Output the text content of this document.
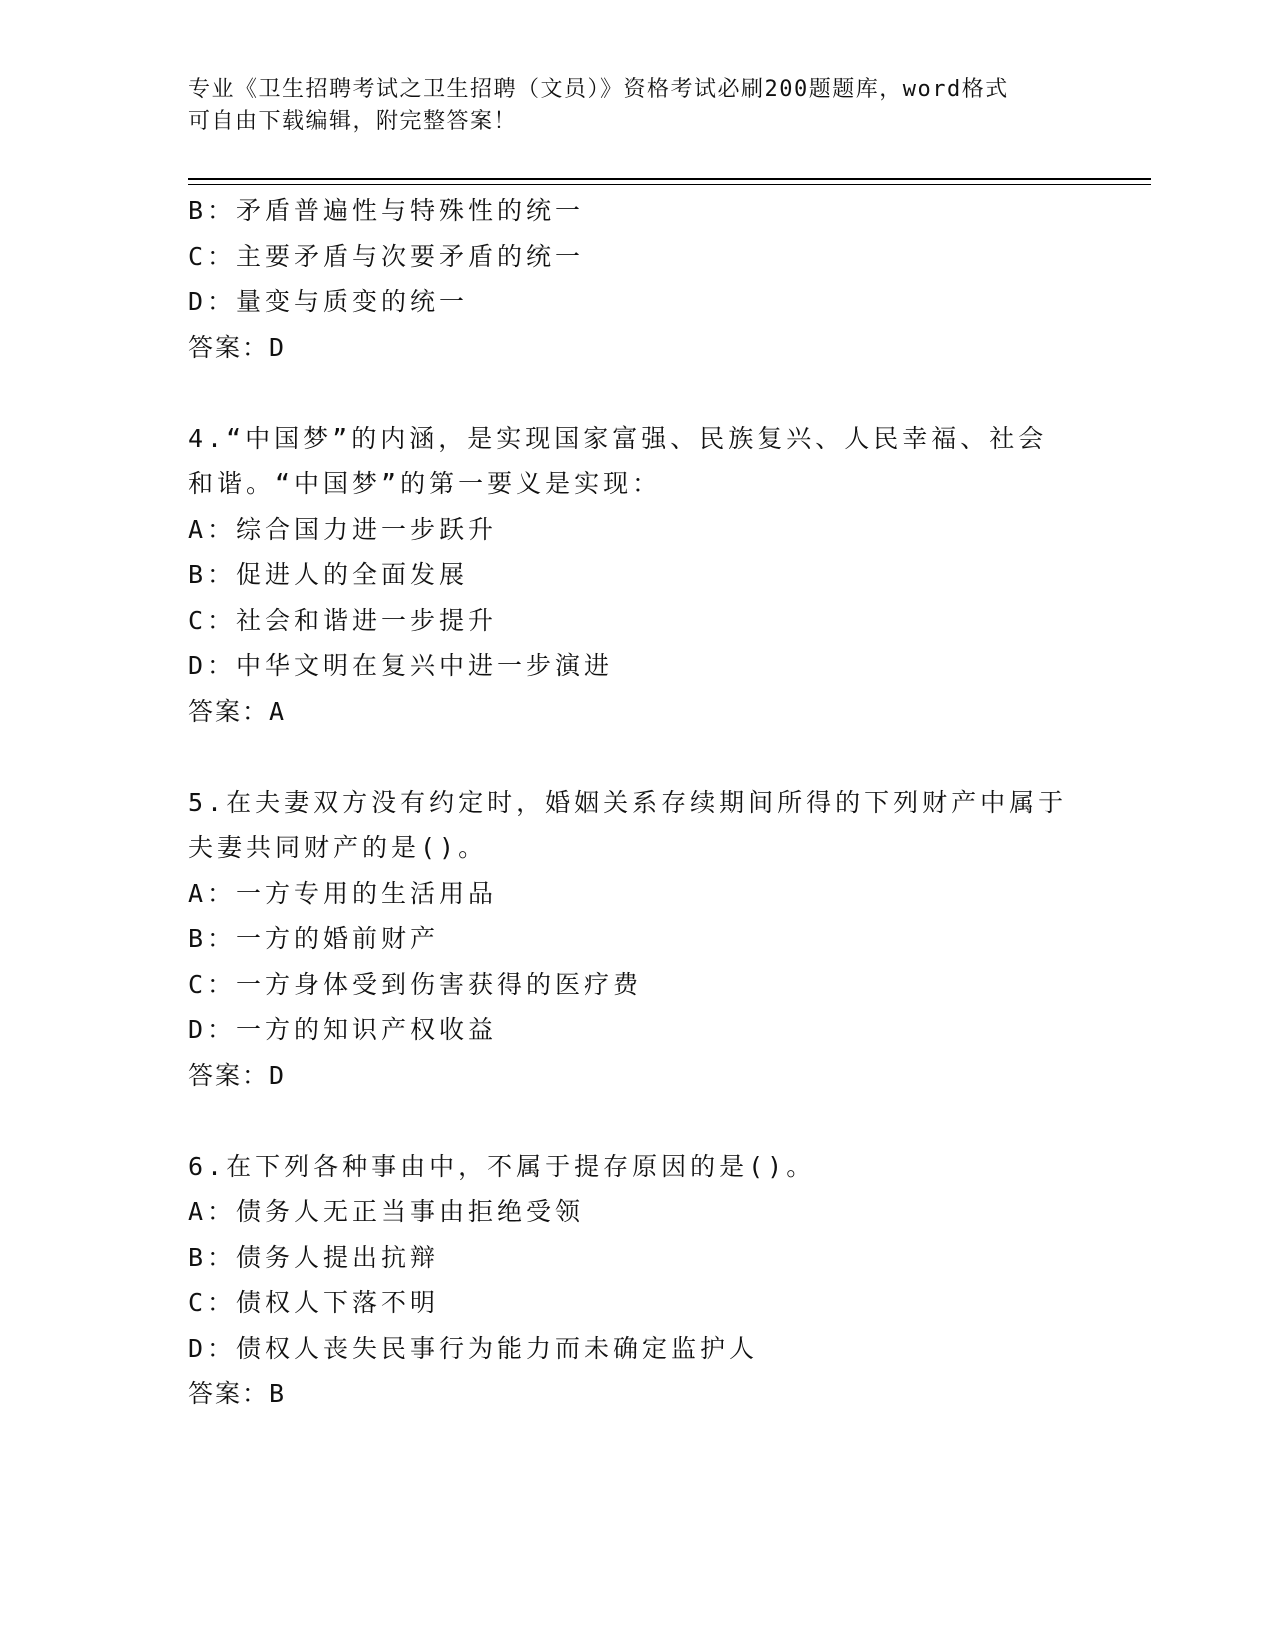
专业《卫生招聘考试之卫生招聘（文员）》资格考试必刷200题题库，word格式
可自由下载编辑，附完整答案！
B：矛盾普遍性与特殊性的统一
C：主要矛盾与次要矛盾的统一
D：量变与质变的统一
答案：D
4.“中国梦”的内涵，是实现国家富强、民族复兴、人民幸福、社会
和谐。“中国梦”的第一要义是实现：
A：综合国力进一步跃升
B：促进人的全面发展
C：社会和谐进一步提升
D：中华文明在复兴中进一步演进
答案：A
5.在夫妻双方没有约定时，婚姻关系存续期间所得的下列财产中属于
夫妻共同财产的是()。
A：一方专用的生活用品
B：一方的婚前财产
C：一方身体受到伤害获得的医疗费
D：一方的知识产权收益
答案：D
6.在下列各种事由中，不属于提存原因的是()。
A：债务人无正当事由拒绝受领
B：债务人提出抗辩
C：债权人下落不明
D：债权人丧失民事行为能力而未确定监护人
答案：B
